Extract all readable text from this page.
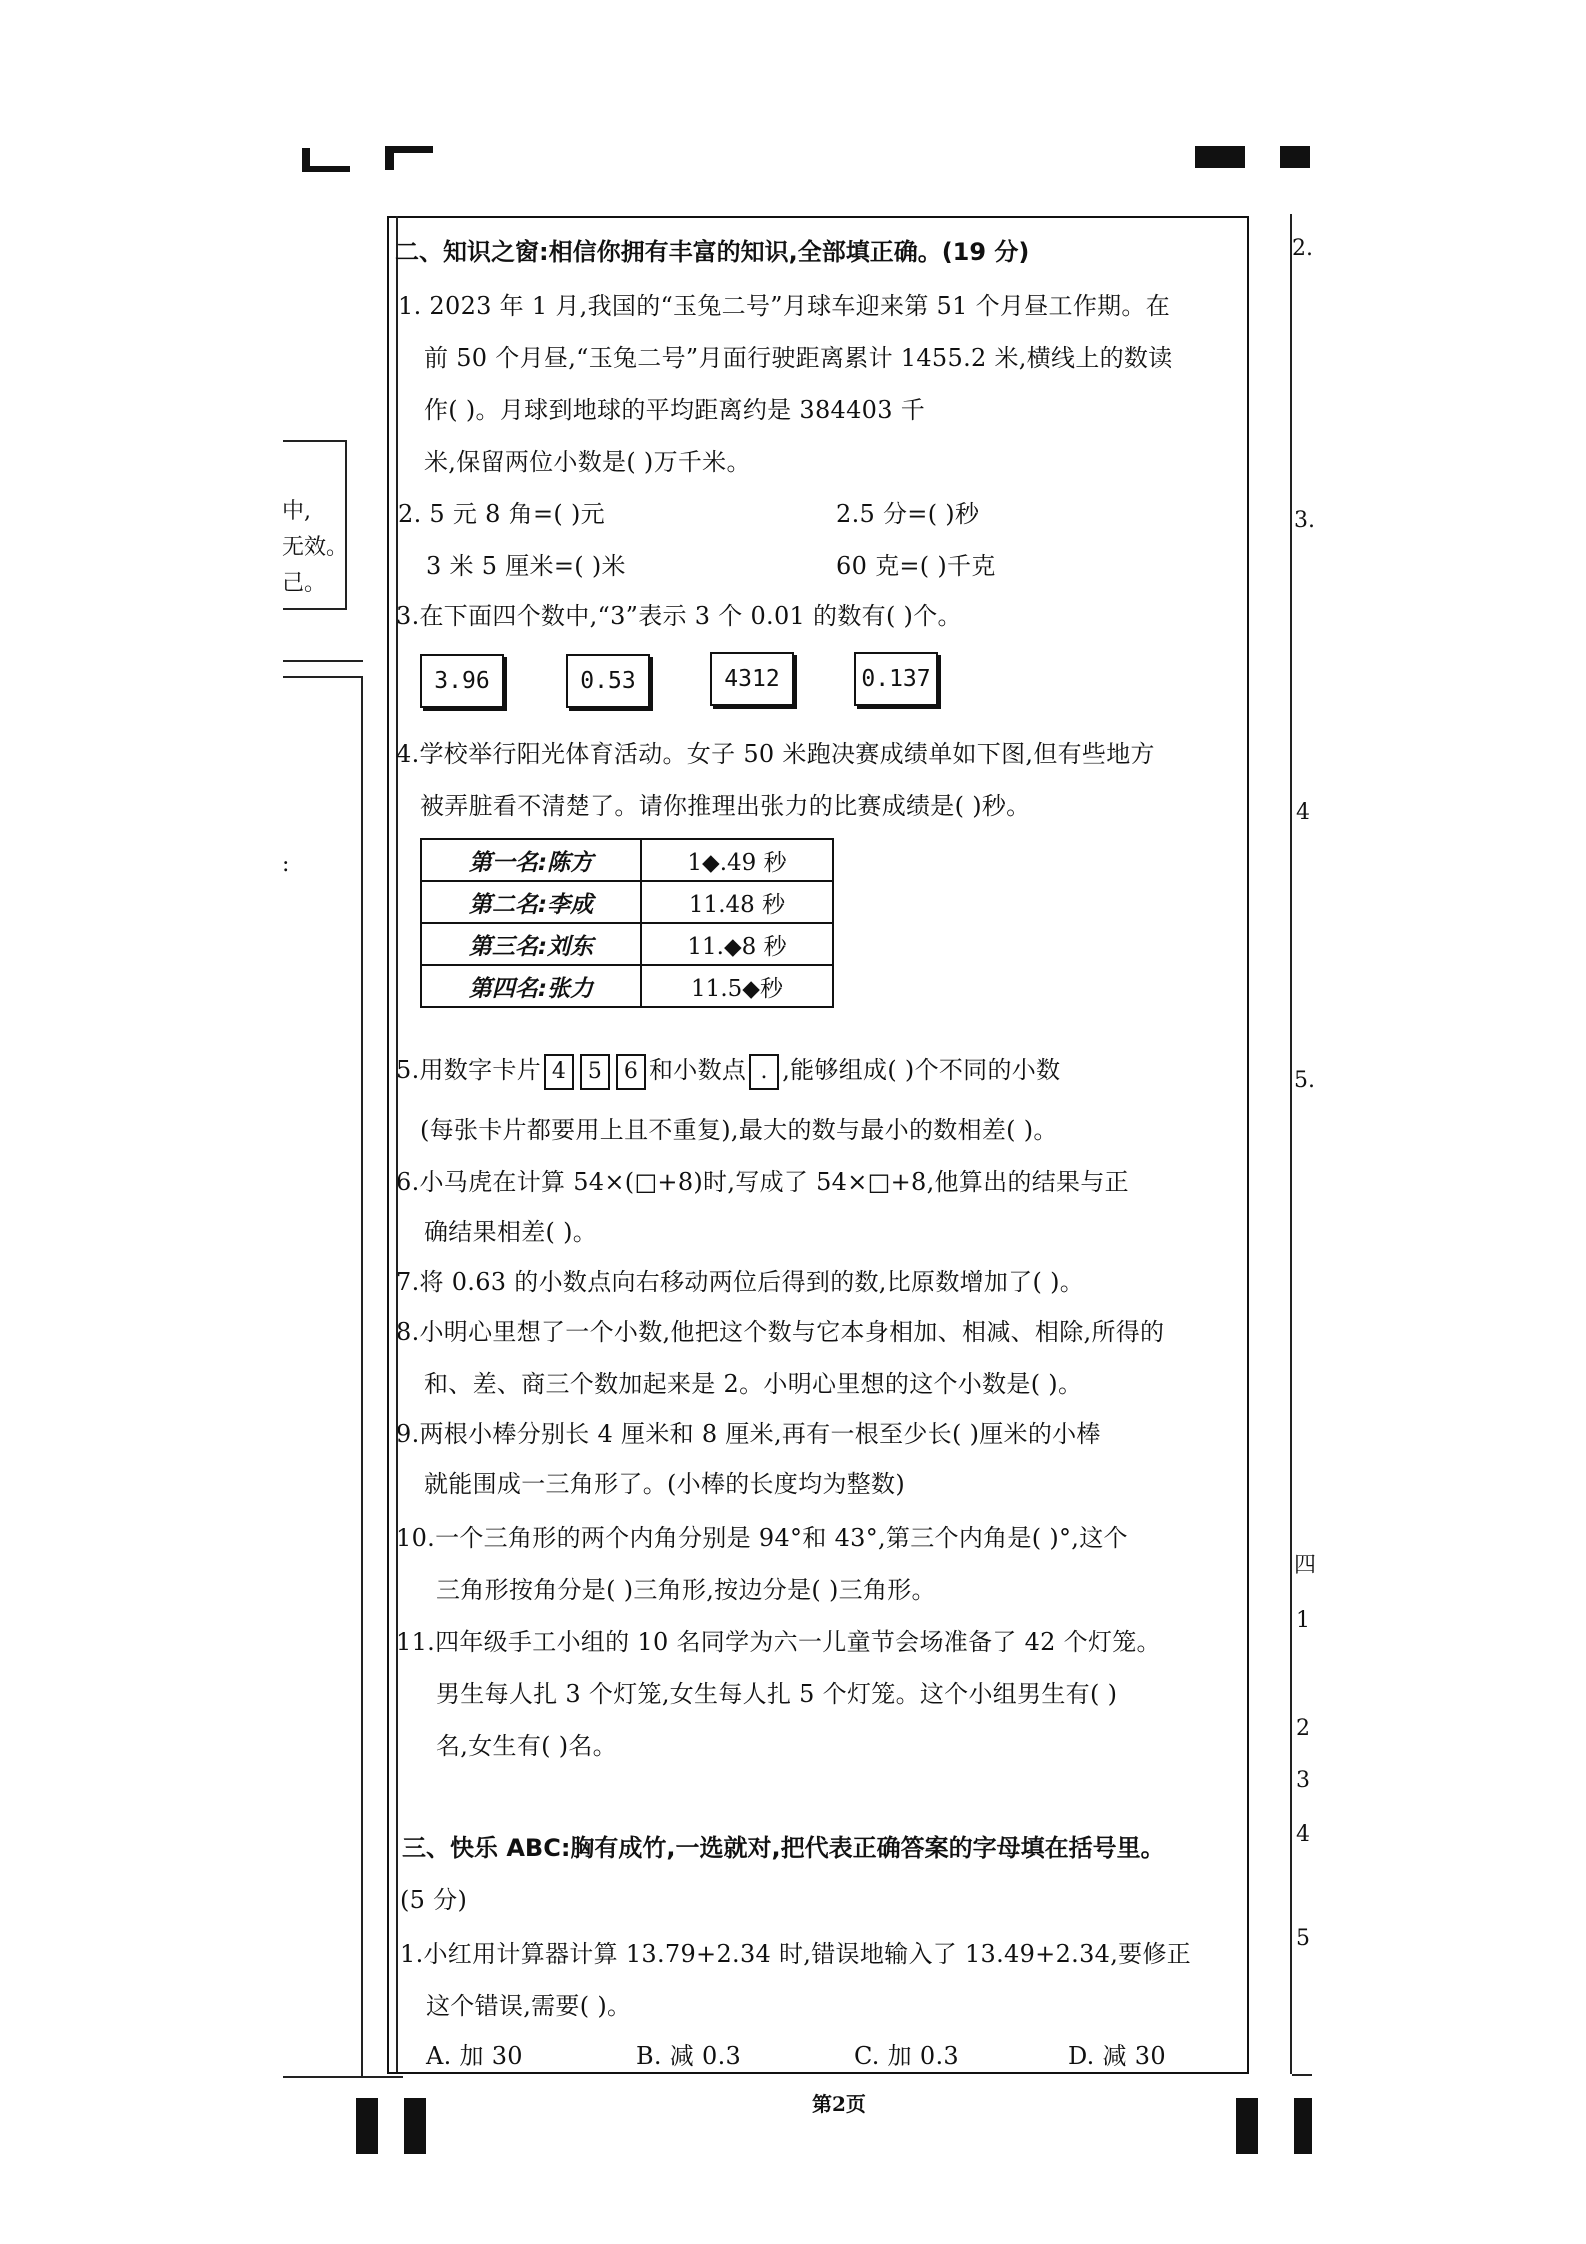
中,
无效。
己。
:
2.
3.
4
5.
四
1
2
3
4
5
二、知识之窗:相信你拥有丰富的知识,全部填正确。(19 分)
1. 2023 年 1 月,我国的“玉兔二号”月球车迎来第 51 个月昼工作期。在
前 50 个月昼,“玉兔二号”月面行驶距离累计 1455.2 米,横线上的数读
作( )。月球到地球的平均距离约是 384403 千
米,保留两位小数是( )万千米。
2. 5 元 8 角=( )元	2.5 分=( )秒
3 米 5 厘米=( )米	60 克=( )千克
3.在下面四个数中,“3”表示 3 个 0.01 的数有( )个。
3.96	0.53	4312	0.137
4.学校举行阳光体育活动。女子 50 米跑决赛成绩单如下图,但有些地方
被弄脏看不清楚了。请你推理出张力的比赛成绩是( )秒。
第一名:陈方	1◆.49 秒
第二名:李成	11.48 秒
第三名:刘东	11.◆8 秒
第四名:张力	11.5◆秒
5.用数字卡片 4 5 6 和小数点 . ,能够组成( )个不同的小数
(每张卡片都要用上且不重复),最大的数与最小的数相差( )。
6.小马虎在计算 54×(□+8)时,写成了 54×□+8,他算出的结果与正
确结果相差( )。
7.将 0.63 的小数点向右移动两位后得到的数,比原数增加了( )。
8.小明心里想了一个小数,他把这个数与它本身相加、相减、相除,所得的
和、差、商三个数加起来是 2。小明心里想的这个小数是( )。
9.两根小棒分别长 4 厘米和 8 厘米,再有一根至少长( )厘米的小棒
就能围成一三角形了。(小棒的长度均为整数)
10.一个三角形的两个内角分别是 94°和 43°,第三个内角是( )°,这个
三角形按角分是( )三角形,按边分是( )三角形。
11.四年级手工小组的 10 名同学为六一儿童节会场准备了 42 个灯笼。
男生每人扎 3 个灯笼,女生每人扎 5 个灯笼。这个小组男生有( )
名,女生有( )名。
三、快乐 ABC:胸有成竹,一选就对,把代表正确答案的字母填在括号里。
(5 分)
1.小红用计算器计算 13.79+2.34 时,错误地输入了 13.49+2.34,要修正
这个错误,需要( )。
A. 加 30	B. 减 0.3	C. 加 0.3	D. 减 30
第2页
